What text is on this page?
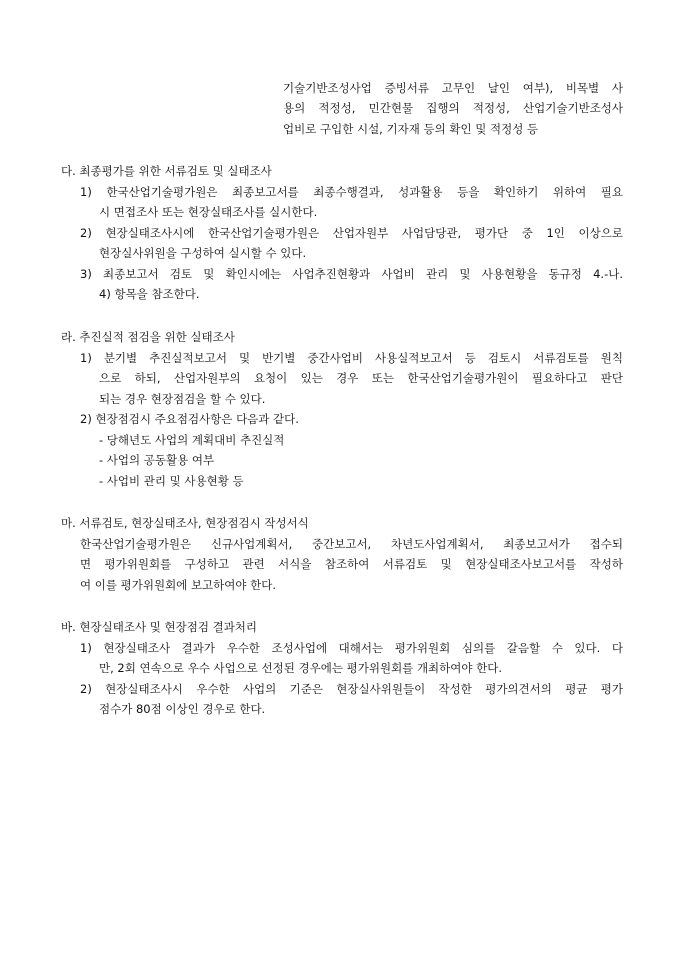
기술기반조성사업 증빙서류 고무인 날인 여부), 비목별 사
용의 적정성, 민간현물 집행의 적정성, 산업기술기반조성사
업비로 구입한 시설, 기자재 등의 확인 및 적정성 등
다. 최종평가를 위한 서류검토 및 실태조사
1) 한국산업기술평가원은 최종보고서를 최종수행결과, 성과활용 등을 확인하기 위하여 필요
시 면접조사 또는 현장실태조사를 실시한다.
2) 현장실태조사시에 한국산업기술평가원은 산업자원부 사업담당관, 평가단 중 1인 이상으로
현장실사위원을 구성하여 실시할 수 있다.
3) 최종보고서 검토 및 확인시에는 사업추진현황과 사업비 관리 및 사용현황을 동규정 4.-나.
4) 항목을 참조한다.
라. 추진실적 점검을 위한 실태조사
1) 분기별 추진실적보고서 및 반기별 중간사업비 사용실적보고서 등 검토시 서류검토를 원칙
으로 하되, 산업자원부의 요청이 있는 경우 또는 한국산업기술평가원이 필요하다고 판단
되는 경우 현장점검을 할 수 있다.
2) 현장점검시 주요점검사항은 다음과 같다.
- 당해년도 사업의 계획대비 추진실적
- 사업의 공동활용 여부
- 사업비 관리 및 사용현황 등
마. 서류검토, 현장실태조사, 현장점검시 작성서식
한국산업기술평가원은 신규사업계획서, 중간보고서, 차년도사업계획서, 최종보고서가 접수되
면 평가위원회를 구성하고 관련 서식을 참조하여 서류검토 및 현장실태조사보고서를 작성하
여 이를 평가위원회에 보고하여야 한다.
바. 현장실태조사 및 현장점검 결과처리
1) 현장실태조사 결과가 우수한 조성사업에 대해서는 평가위원회 심의를 갈음할 수 있다. 다
만, 2회 연속으로 우수 사업으로 선정된 경우에는 평가위원회를 개최하여야 한다.
2) 현장실태조사시 우수한 사업의 기준은 현장실사위원들이 작성한 평가의견서의 평균 평가
점수가 80점 이상인 경우로 한다.
